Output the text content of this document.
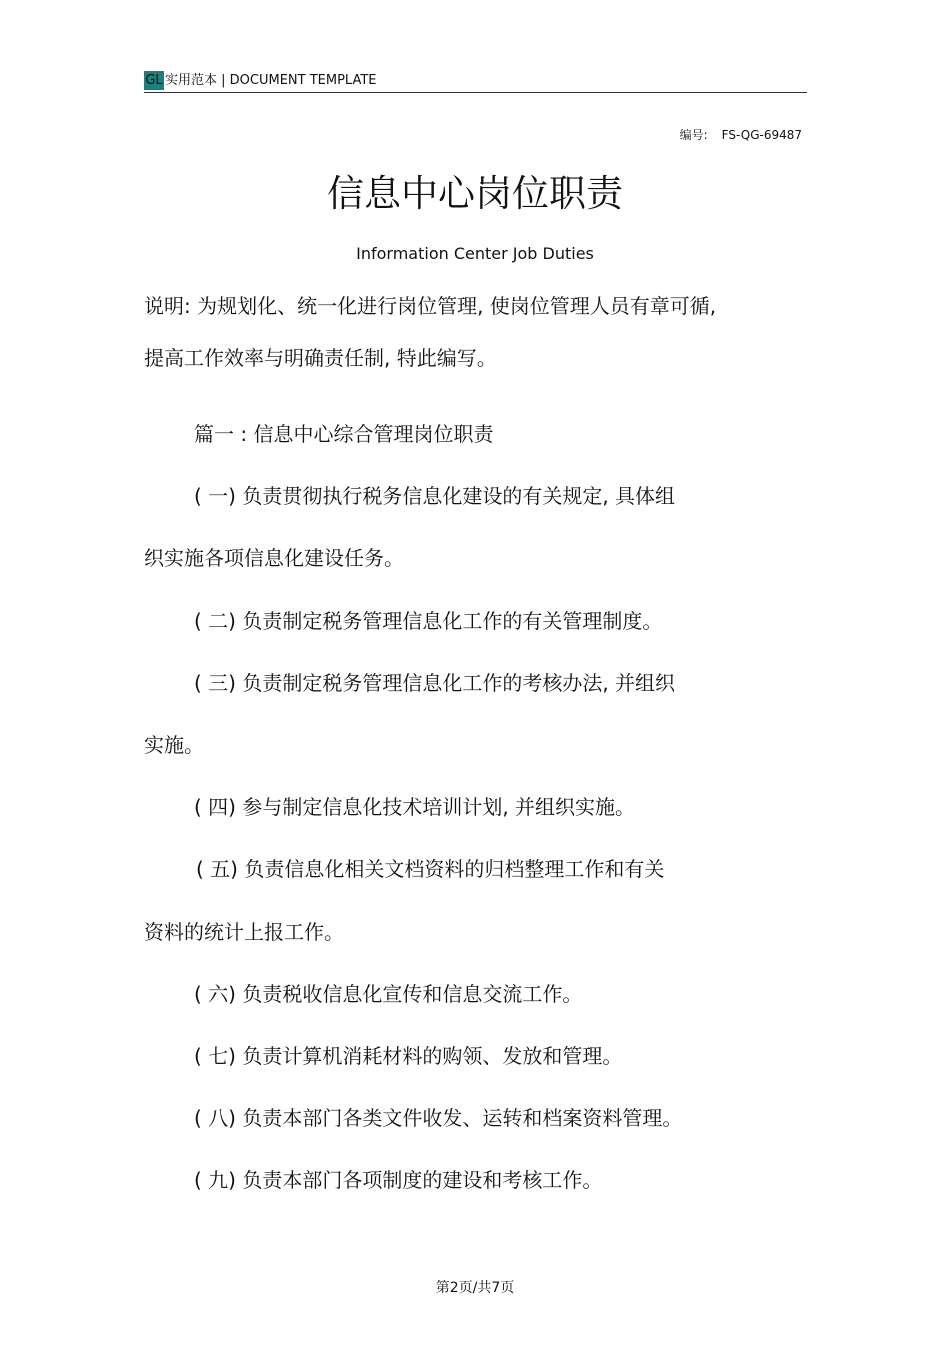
GL 实用范本 | DOCUMENT TEMPLATE
编号: FS-QG-69487
信息中心岗位职责
Information Center Job Duties
说明: 为规划化、统一化进行岗位管理, 使岗位管理人员有章可循,
提高工作效率与明确责任制, 特此编写。
篇一 : 信息中心综合管理岗位职责
( 一) 负责贯彻执行税务信息化建设的有关规定, 具体组
织实施各项信息化建设任务。
( 二) 负责制定税务管理信息化工作的有关管理制度。
( 三) 负责制定税务管理信息化工作的考核办法, 并组织
实施。
( 四) 参与制定信息化技术培训计划, 并组织实施。
( 五) 负责信息化相关文档资料的归档整理工作和有关
资料的统计上报工作。
( 六) 负责税收信息化宣传和信息交流工作。
( 七) 负责计算机消耗材料的购领、发放和管理。
( 八) 负责本部门各类文件收发、运转和档案资料管理。
( 九) 负责本部门各项制度的建设和考核工作。
第2页/共7页
